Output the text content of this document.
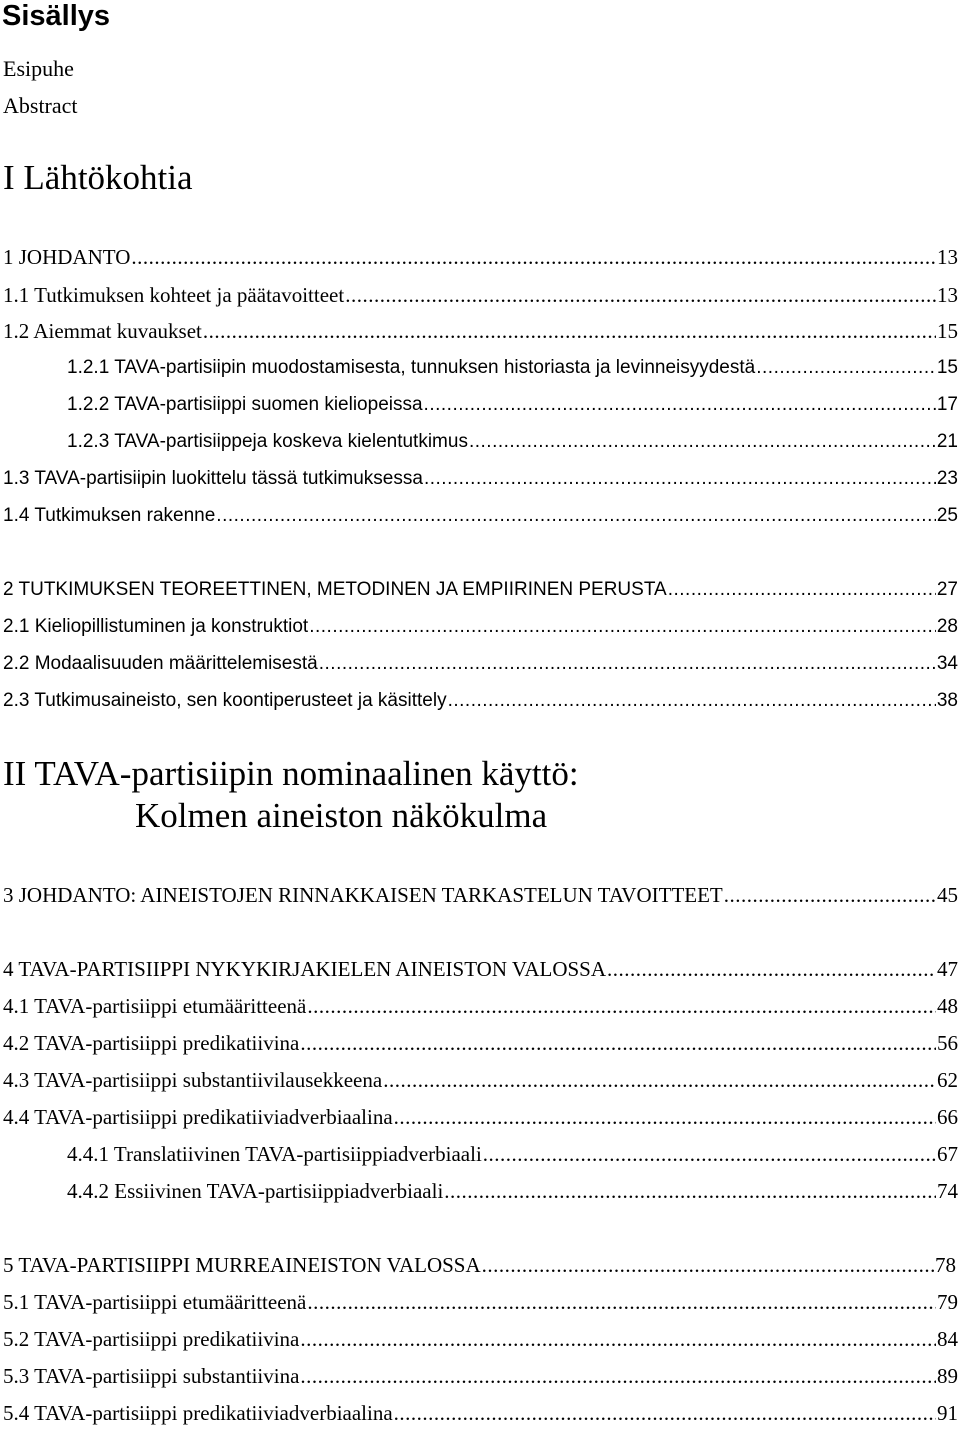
Sisällys
Esipuhe
Abstract
I Lähtökohtia
1 JOHDANTO .....	13
1.1 Tutkimuksen kohteet ja päätavoitteet .....	13
1.2 Aiemmat kuvaukset .....	15
1.2.1 TAVA-partisiipin muodostamisesta, tunnuksen historiasta ja levinneisyydestä .....	15
1.2.2 TAVA-partisiippi suomen kieliopeissa .....	17
1.2.3 TAVA-partisiippeja koskeva kielentutkimus .....	21
1.3 TAVA-partisiipin luokittelu tässä tutkimuksessa .....	23
1.4 Tutkimuksen rakenne .....	25
2 TUTKIMUKSEN TEOREETTINEN, METODINEN JA EMPIIRINEN PERUSTA .....	27
2.1 Kieliopillistuminen ja konstruktiot .....	28
2.2 Modaalisuuden määrittelemisestä .....	34
2.3 Tutkimusaineisto, sen koontiperusteet ja käsittely .....	38
II TAVA-partisiipin nominaalinen käyttö:
Kolmen aineiston näkökulma
3 JOHDANTO: AINEISTOJEN RINNAKKAISEN TARKASTELUN TAVOITTEET .....	45
4 TAVA-PARTISIIPPI NYKYKIRJAKIELEN AINEISTON VALOSSA .....	47
4.1 TAVA-partisiippi etumääritteenä .....	48
4.2 TAVA-partisiippi predikatiivina .....	56
4.3 TAVA-partisiippi substantiivilausekkeena .....	62
4.4 TAVA-partisiippi predikatiiviadverbiaalina .....	66
4.4.1 Translatiivinen TAVA-partisiippiadverbiaali .....	67
4.4.2 Essiivinen TAVA-partisiippiadverbiaali .....	74
5 TAVA-PARTISIIPPI MURREAINEISTON VALOSSA .....	78
5.1 TAVA-partisiippi etumääritteenä .....	79
5.2 TAVA-partisiippi predikatiivina .....	84
5.3 TAVA-partisiippi substantiivina .....	89
5.4 TAVA-partisiippi predikatiiviadverbiaalina .....	91
